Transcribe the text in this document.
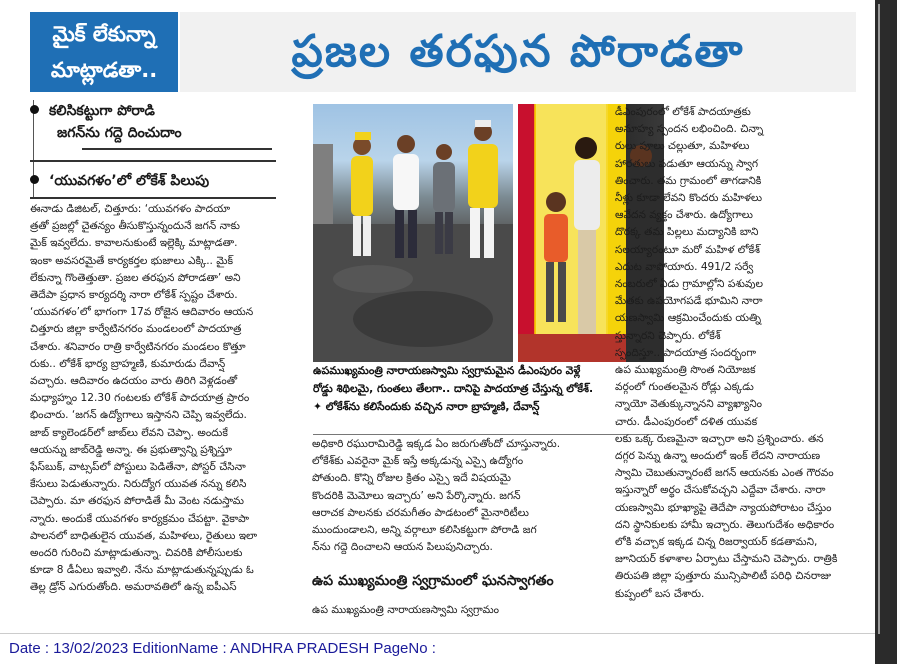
మైక్ లేకున్నా
మాట్లాడతా..	ప్రజల తరఫున పోరాడతా
కలిసికట్టుగా పోరాడి
జగన్‌ను గద్దె దించుదాం
‘యువగళం’లో లోకేశ్ పిలుపు

ఈనాడు డిజిటల్, చిత్తూరు: ‘యువగళం పాదయా

త్రతో ప్రజల్లో చైతన్యం తీసుకొస్తున్నందునే జగన్ నాకు

మైక్ ఇవ్వలేదు. కావాలనుకుంటే ఇల్లెక్కి మాట్లాడతా.

ఇంకా అవసరమైతే కార్యకర్తల భుజాలు ఎక్కి.. మైక్

లేకున్నా గొంతెత్తుతా. ప్రజల తరఫున పోరాడతా’ అని

తెదేపా ప్రధాన కార్యదర్శి నారా లోకేశ్ స్పష్టం చేశారు.

‘యువగళం’లో భాగంగా 17వ రోజైన ఆదివారం ఆయన

చిత్తూరు జిల్లా కార్వేటినగరం మండలంలో పాదయాత్ర

చేశారు. శనివారం రాత్రి కార్వేటినగరం మండలం కొత్తూ

రుకు.. లోకేశ్ భార్య బ్రాహ్మణి, కుమారుడు దేవాన్ష్

వచ్చారు. ఆదివారం ఉదయం వారు తిరిగి వెళ్లడంతో

మధ్యాహ్నం 12.30 గంటలకు లోకేశ్ పాదయాత్ర ప్రారం

భించారు. ‘జగన్ ఉద్యోగాలు ఇస్తానని చెప్పి ఇవ్వలేదు.

జాబ్ క్యాలెండర్‌లో జాబ్‌లు లేవని చెప్పా. అందుకే

ఆయన్ను జాబ్‌రెడ్డి అన్నా. ఈ ప్రభుత్వాన్ని ప్రశ్నిస్తూ

ఫేస్‌బుక్, వాట్సప్‌లో పోస్టులు పెడితేనా, పోస్టర్ చేసినా

కేసులు పెడుతున్నారు. నిరుద్యోగ యువత నన్ను కలిసి

చెప్పారు. మా తరఫున పోరాడితే మీ వెంట నడుస్తామ

న్నారు. అందుకే యువగళం కార్యక్రమం చేపట్టా. వైకాపా

పాలనలో బాధితులైన యువత, మహిళలు, రైతులు ఇలా

అందరి గురించి మాట్లాడుతున్నా. చివరికి పోలీసులకు

కూడా 8 డీఏలు ఇవ్వాలి. నేను మాట్లాడుతున్నప్పుడు ఓ

తెల్ల డ్రోన్ ఎగురుతోంది. అమరావతిలో ఉన్న ఐపీఎస్

ఉపముఖ్యమంత్రి నారాయణస్వామి స్వగ్రామమైన డీఎంపురం వెళ్లే

రోడ్డు శిథిలమై, గుంతలు తేలగా.. దానిపై పాదయాత్ర చేస్తున్న లోకేశ్.

✦ లోకేశ్‌ను కలిసేందుకు వచ్చిన నారా బ్రాహ్మణి, దేవాన్ష్

అధికారి రఘురామిరెడ్డి ఇక్కడ ఏం జరుగుతోందో చూస్తున్నారు.

లోకేశ్‌కు ఎవరైనా మైక్ ఇస్తే అక్కడున్న ఎస్సై ఉద్యోగం

పోతుంది. కొన్ని రోజుల క్రితం ఎస్సై ఇదే విషయమై

కొందరికి మెమోలు ఇచ్చారు’ అని పేర్కొన్నారు. జగన్

ఆరాచక పాలనకు చరమగీతం పాడటంలో మైనారిటీలు

ముందుండాలని, అన్ని వర్గాలూ కలిసికట్టుగా పోరాడి జగ

న్‌ను గద్దె దించాలని ఆయన పిలుపునిచ్చారు.

ఉప ముఖ్యమంత్రి స్వగ్రామంలో ఘనస్వాగతం
ఉప ముఖ్యమంత్రి నారాయణస్వామి స్వగ్రామం

డీఎంపురంలో లోకేశ్ పాదయాత్రకు

అనూహ్య స్పందన లభించింది. చిన్నా

రులు పూలు చల్లుతూ, మహిళలు

హారతులు పడుతూ ఆయన్ను స్వాగ

తించారు. తమ గ్రామంలో తాగడానికి

నీళ్లు కూడా లేవని కొందరు మహిళలు

ఆవేదన వ్యక్తం చేశారు. ఉద్యోగాలు

దొరక్క తమ పిల్లలు మద్యానికి బాని

సలయ్యారంటూ మరో మహిళ లోకేశ్

ఎదుట వాపోయారు. 491/2 సర్వే

నంబరులో ఏడు గ్రామాల్లోని పశువుల

మేతకు ఉపయోగపడే భూమిని నారా

యణస్వామి ఆక్రమించేందుకు యత్ని

స్తున్నారని చెప్పారు. లోకేశ్

స్పందిస్తూ.. పాదయాత్ర సందర్భంగా

ఉప ముఖ్యమంత్రి సొంత నియోజక

వర్గంలో గుంతలమైన రోడ్లు ఎక్కడు

న్నాయో వెతుక్కున్నానని వ్యాఖ్యానిం

చారు. డీఎంపురంలో దళిత యువక

లకు ఒక్క రుణమైనా ఇచ్చారా అని ప్రశ్నించారు. తన

దగ్గర పెన్ను ఉన్నా అందులో ఇంక్ లేదని నారాయణ

స్వామి చెబుతున్నారంటే జగన్ ఆయనకు ఎంత గౌరవం

ఇస్తున్నారో అర్థం చేసుకోవచ్చని ఎద్దేవా చేశారు. నారా

యణస్వామి భూఖ్యాపై తెదేపా న్యాయపోరాటం చేస్తుం

దని స్థానికులకు హామీ ఇచ్చారు. తెలుగుదేశం అధికారం

లోకి వచ్చాక ఇక్కడ చిన్న రిజర్వాయర్ కడతామని,

జూనియర్ కళాశాల ఏర్పాటు చేస్తామని చెప్పారు. రాత్రికి

తిరుపతి జిల్లా పుత్తూరు మున్సిపాలిటీ పరిధి చినరాజు

కుప్పంలో బస చేశారు.

Date : 13/02/2023 EditionName : ANDHRA PRADESH PageNo :
